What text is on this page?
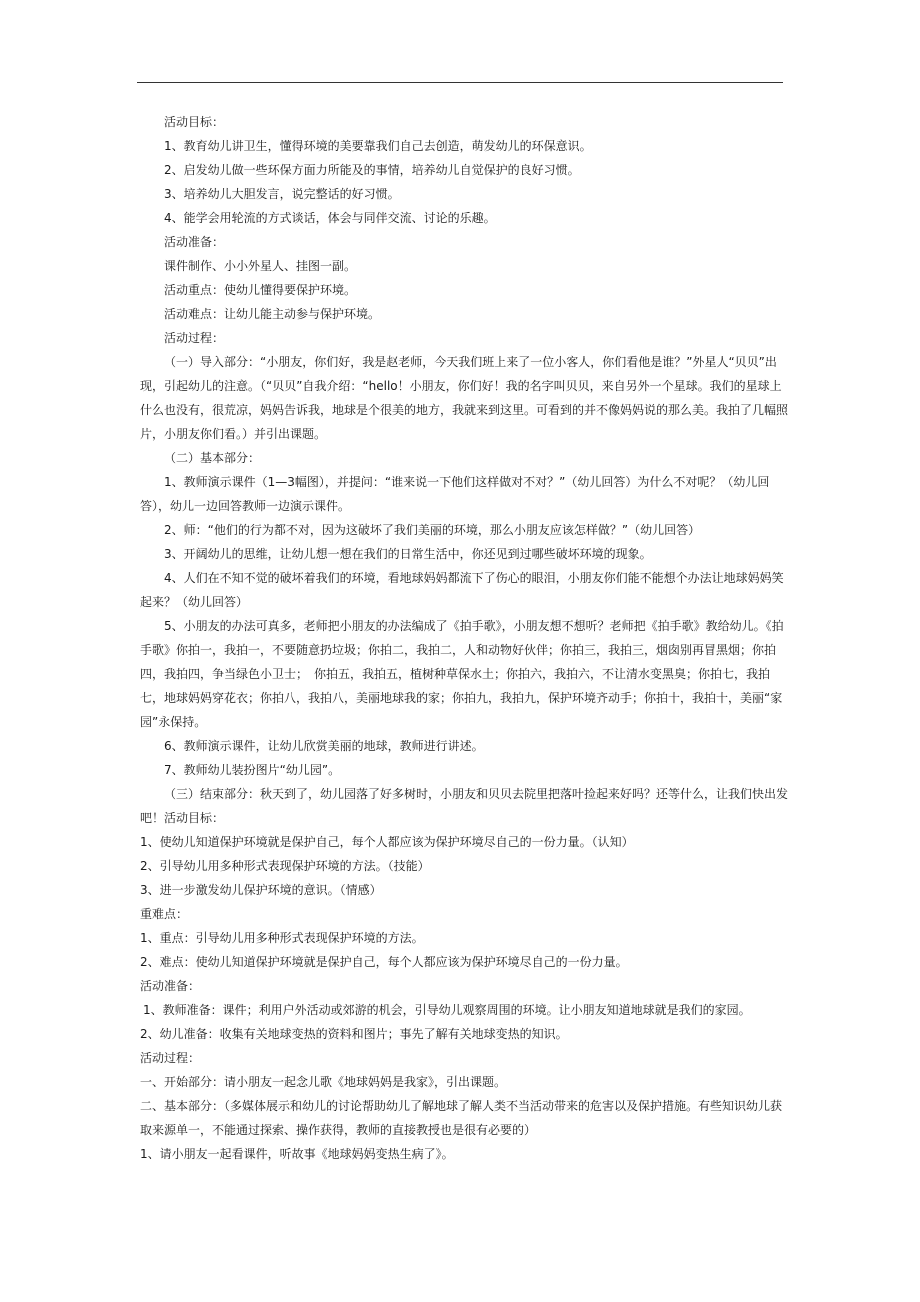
活动目标：

1、教育幼儿讲卫生，懂得环境的美要靠我们自己去创造，萌发幼儿的环保意识。

2、启发幼儿做一些环保方面力所能及的事情，培养幼儿自觉保护的良好习惯。

3、培养幼儿大胆发言，说完整话的好习惯。

4、能学会用轮流的方式谈话，体会与同伴交流、讨论的乐趣。

活动准备：

课件制作、小小外星人、挂图一副。

活动重点：使幼儿懂得要保护环境。

活动难点：让幼儿能主动参与保护环境。

活动过程：

（一）导入部分：“小朋友，你们好，我是赵老师，今天我们班上来了一位小客人，你们看他是谁？”外星人“贝贝”出现，引起幼儿的注意。（“贝贝”自我介绍：“hello！小朋友，你们好！我的名字叫贝贝，来自另外一个星球。我们的星球上什么也没有，很荒凉，妈妈告诉我，地球是个很美的地方，我就来到这里。可看到的并不像妈妈说的那么美。我拍了几幅照片，小朋友你们看。）并引出课题。

（二）基本部分：

1、教师演示课件（1—3幅图），并提问：“谁来说一下他们这样做对不对？”（幼儿回答）为什么不对呢？（幼儿回答），幼儿一边回答教师一边演示课件。

2、师：“他们的行为都不对，因为这破坏了我们美丽的环境，那么小朋友应该怎样做？”（幼儿回答）

3、开阔幼儿的思维，让幼儿想一想在我们的日常生活中，你还见到过哪些破坏环境的现象。

4、人们在不知不觉的破坏着我们的环境，看地球妈妈都流下了伤心的眼泪，小朋友你们能不能想个办法让地球妈妈笑起来？（幼儿回答）

5、小朋友的办法可真多，老师把小朋友的办法编成了《拍手歌》，小朋友想不想听？老师把《拍手歌》教给幼儿。《拍手歌》你拍一，我拍一，不要随意扔垃圾；你拍二，我拍二，人和动物好伙伴；你拍三，我拍三，烟囱别再冒黑烟；你拍四，我拍四，争当绿色小卫士；　你拍五，我拍五，植树种草保水土；你拍六，我拍六，不让清水变黑臭；你拍七，我拍七，地球妈妈穿花衣；你拍八，我拍八，美丽地球我的家；你拍九，我拍九，保护环境齐动手；你拍十，我拍十，美丽“家园”永保持。

6、教师演示课件，让幼儿欣赏美丽的地球，教师进行讲述。

7、教师幼儿装扮图片“幼儿园”。

（三）结束部分：秋天到了，幼儿园落了好多树时，小朋友和贝贝去院里把落叶捡起来好吗？还等什么，让我们快出发吧！活动目标：

1、使幼儿知道保护环境就是保护自己，每个人都应该为保护环境尽自己的一份力量。（认知）

2、引导幼儿用多种形式表现保护环境的方法。（技能）

3、进一步激发幼儿保护环境的意识。（情感）

重难点：

1、重点：引导幼儿用多种形式表现保护环境的方法。

2、难点：使幼儿知道保护环境就是保护自己，每个人都应该为保护环境尽自己的一份力量。

活动准备：

1、教师准备：课件；利用户外活动或郊游的机会，引导幼儿观察周围的环境。让小朋友知道地球就是我们的家园。

2、幼儿准备：收集有关地球变热的资料和图片；事先了解有关地球变热的知识。

活动过程：

一、开始部分：请小朋友一起念儿歌《地球妈妈是我家》，引出课题。

二、基本部分：（多媒体展示和幼儿的讨论帮助幼儿了解地球了解人类不当活动带来的危害以及保护措施。有些知识幼儿获取来源单一，不能通过探索、操作获得，教师的直接教授也是很有必要的）

1、请小朋友一起看课件，听故事《地球妈妈变热生病了》。
